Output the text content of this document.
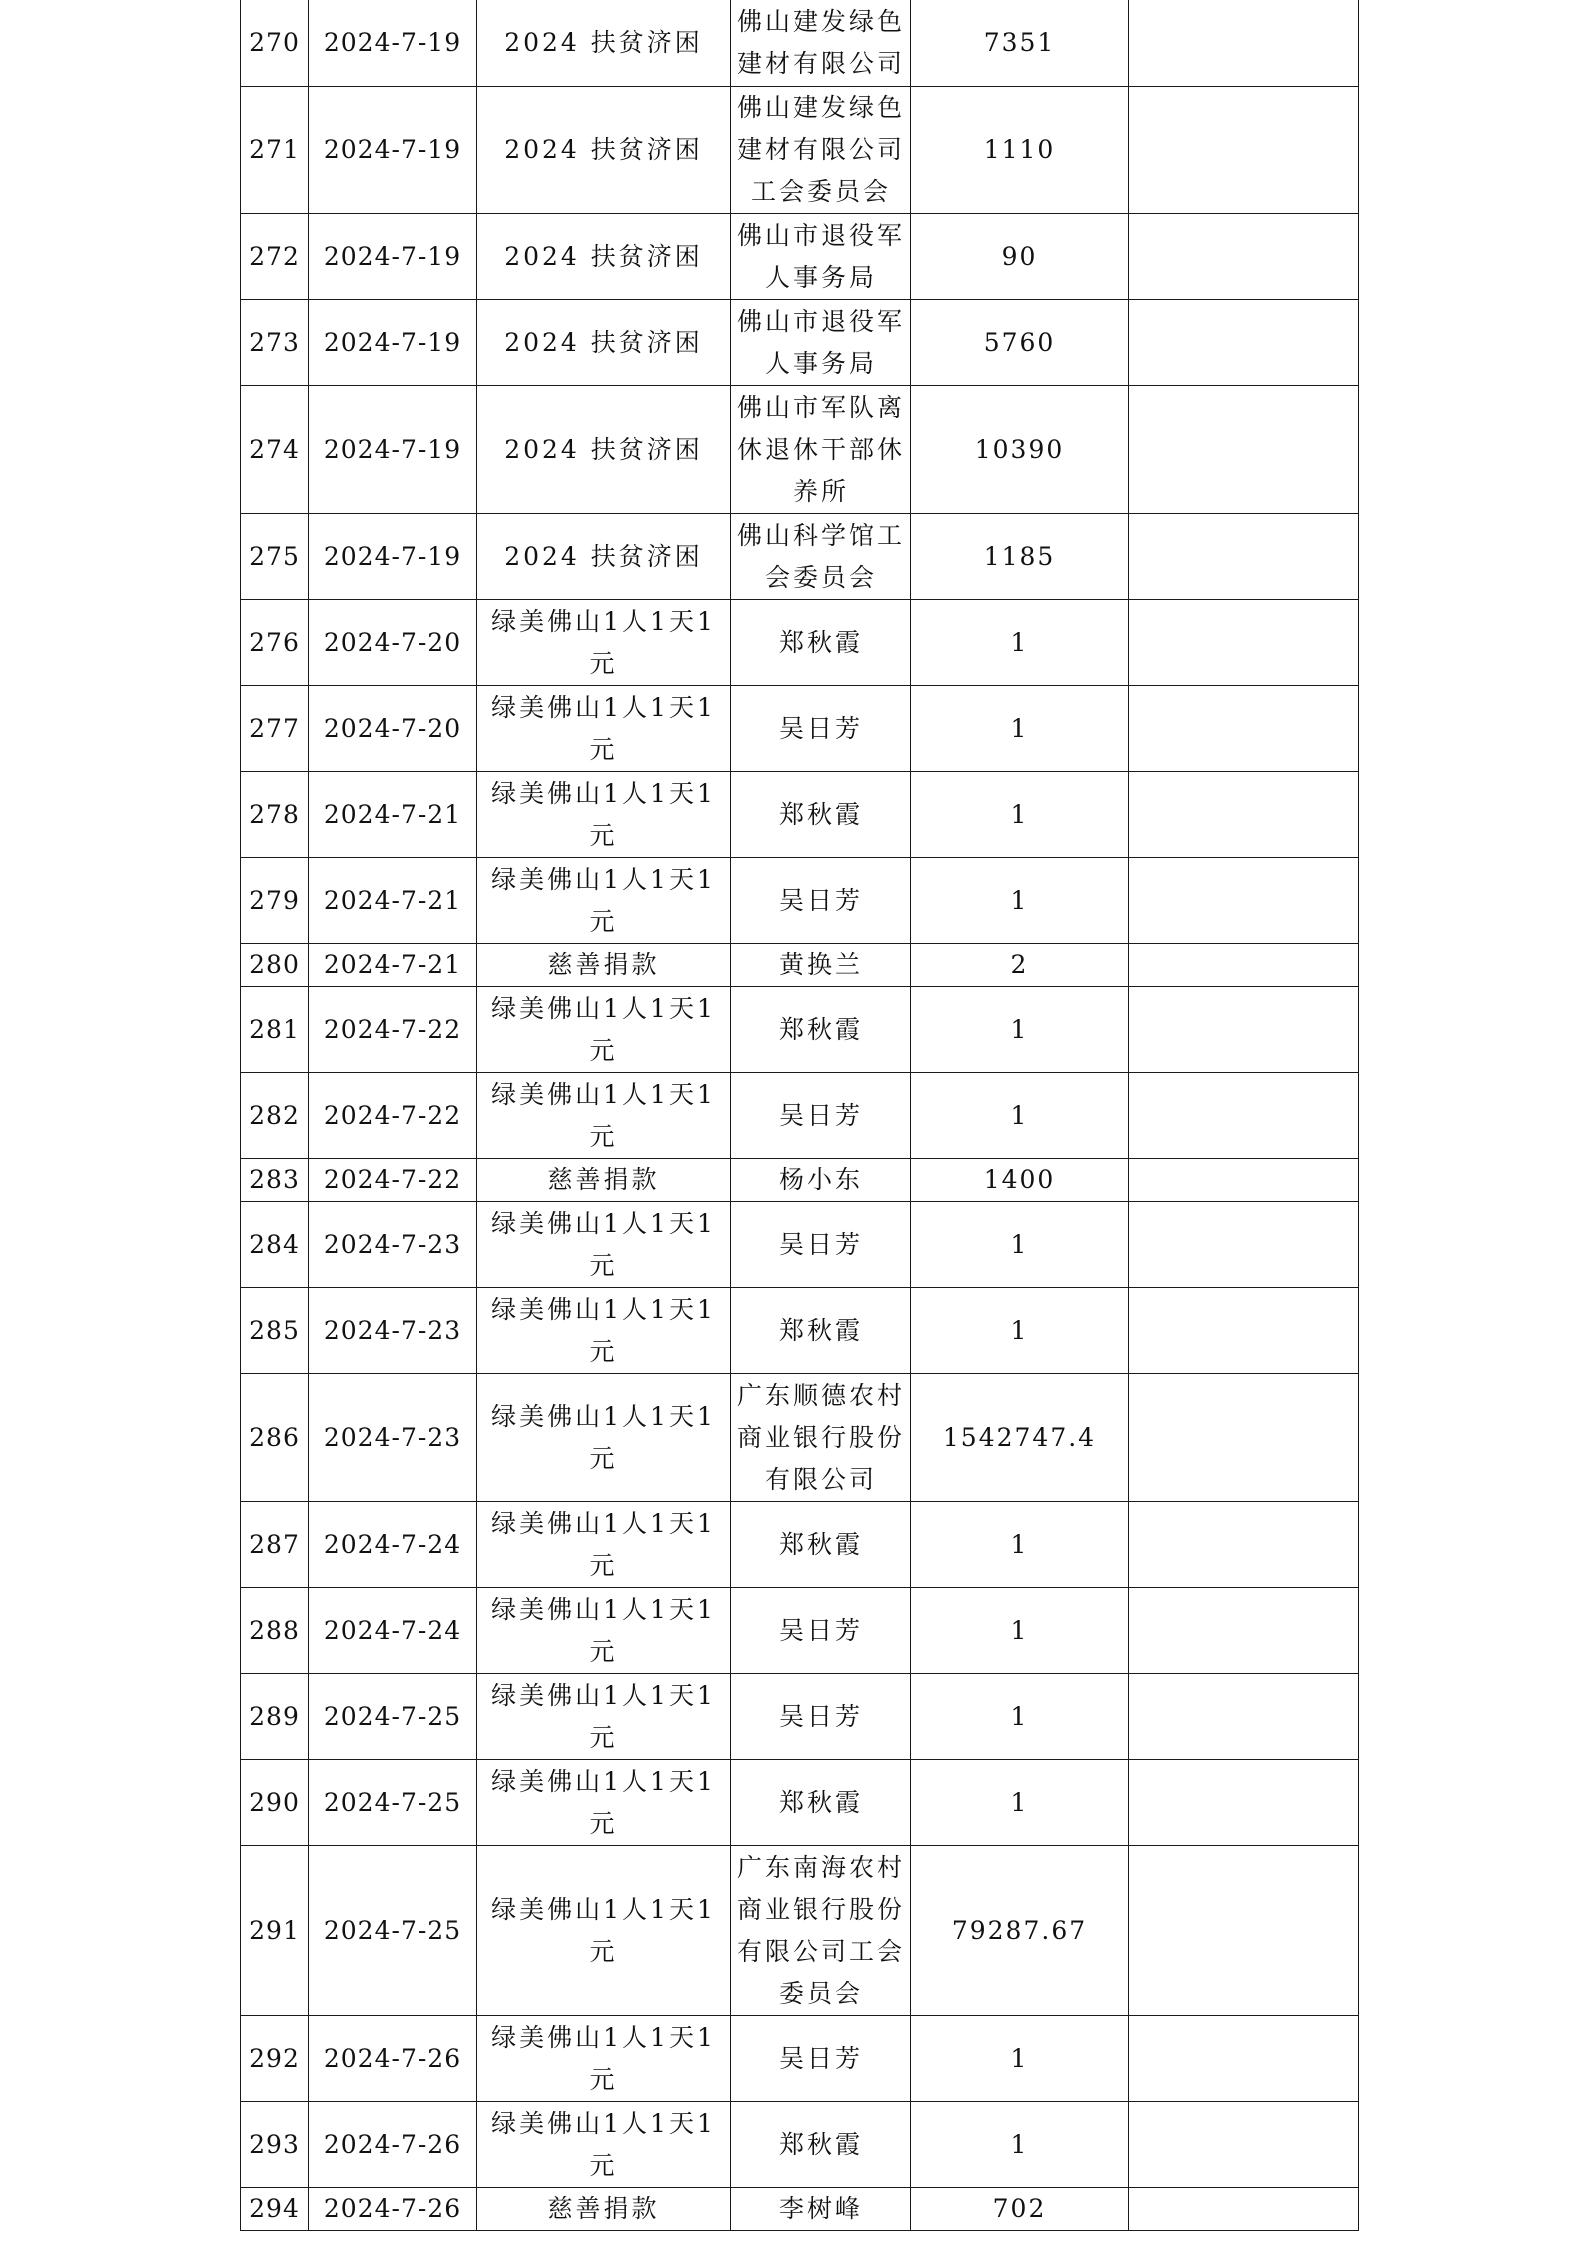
270	2024-7-19	2024 扶贫济困	佛山建发绿色建材有限公司	7351	

271	2024-7-19	2024 扶贫济困	佛山建发绿色建材有限公司工会委员会	1110	

272	2024-7-19	2024 扶贫济困	佛山市退役军人事务局	90	

273	2024-7-19	2024 扶贫济困	佛山市退役军人事务局	5760	

274	2024-7-19	2024 扶贫济困	佛山市军队离休退休干部休养所	10390	

275	2024-7-19	2024 扶贫济困	佛山科学馆工会委员会	1185	

276	2024-7-20	绿美佛山1人1天1元	郑秋霞	1	

277	2024-7-20	绿美佛山1人1天1元	吴日芳	1	

278	2024-7-21	绿美佛山1人1天1元	郑秋霞	1	

279	2024-7-21	绿美佛山1人1天1元	吴日芳	1	

280	2024-7-21	慈善捐款	黄换兰	2	

281	2024-7-22	绿美佛山1人1天1元	郑秋霞	1	

282	2024-7-22	绿美佛山1人1天1元	吴日芳	1	

283	2024-7-22	慈善捐款	杨小东	1400	

284	2024-7-23	绿美佛山1人1天1元	吴日芳	1	

285	2024-7-23	绿美佛山1人1天1元	郑秋霞	1	

286	2024-7-23	绿美佛山1人1天1元	广东顺德农村商业银行股份有限公司	1542747.4	

287	2024-7-24	绿美佛山1人1天1元	郑秋霞	1	

288	2024-7-24	绿美佛山1人1天1元	吴日芳	1	

289	2024-7-25	绿美佛山1人1天1元	吴日芳	1	

290	2024-7-25	绿美佛山1人1天1元	郑秋霞	1	

291	2024-7-25	绿美佛山1人1天1元	广东南海农村商业银行股份有限公司工会委员会	79287.67	

292	2024-7-26	绿美佛山1人1天1元	吴日芳	1	

293	2024-7-26	绿美佛山1人1天1元	郑秋霞	1	

294	2024-7-26	慈善捐款	李树峰	702	
